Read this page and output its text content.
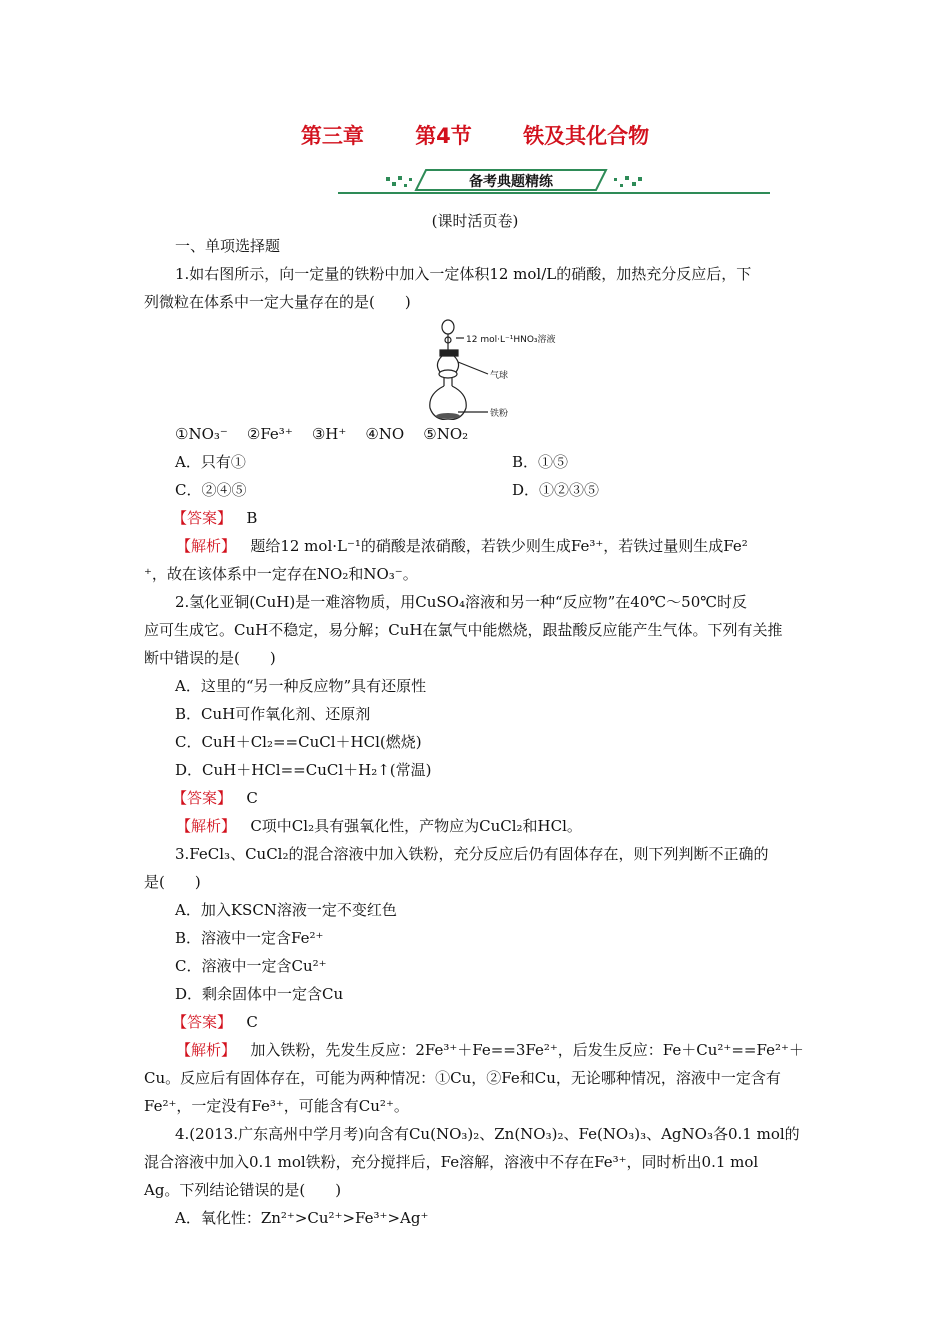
第三章 第4节 铁及其化合物
备考典题精练
(课时活页卷)
一、单项选择题
1.如右图所示，向一定量的铁粉中加入一定体积12 mol/L的硝酸，加热充分反应后，下
列微粒在体系中一定大量存在的是(　　)
12 mol·L⁻¹HNO₃溶液
气球
铁粉
①NO₃⁻ ②Fe³⁺ ③H⁺ ④NO ⑤NO₂
A．只有①	B．①⑤
C．②④⑤	D．①②③⑤
【答案】 B
【解析】 题给12 mol·L⁻¹的硝酸是浓硝酸，若铁少则生成Fe³⁺，若铁过量则生成Fe²
⁺，故在该体系中一定存在NO₂和NO₃⁻。
2.氢化亚铜(CuH)是一难溶物质，用CuSO₄溶液和另一种“反应物”在40℃～50℃时反
应可生成它。CuH不稳定，易分解；CuH在氯气中能燃烧，跟盐酸反应能产生气体。下列有关推
断中错误的是(　　)
A．这里的“另一种反应物”具有还原性
B．CuH可作氧化剂、还原剂
C．CuH＋Cl₂==CuCl＋HCl(燃烧)
D．CuH＋HCl==CuCl＋H₂↑(常温)
【答案】 C
【解析】 C项中Cl₂具有强氧化性，产物应为CuCl₂和HCl。
3.FeCl₃、CuCl₂的混合溶液中加入铁粉，充分反应后仍有固体存在，则下列判断不正确的
是(　　)
A．加入KSCN溶液一定不变红色
B．溶液中一定含Fe²⁺
C．溶液中一定含Cu²⁺
D．剩余固体中一定含Cu
【答案】 C
【解析】 加入铁粉，先发生反应：2Fe³⁺＋Fe==3Fe²⁺，后发生反应：Fe＋Cu²⁺==Fe²⁺＋
Cu。反应后有固体存在，可能为两种情况：①Cu，②Fe和Cu，无论哪种情况，溶液中一定含有
Fe²⁺，一定没有Fe³⁺，可能含有Cu²⁺。
4.(2013.广东高州中学月考)向含有Cu(NO₃)₂、Zn(NO₃)₂、Fe(NO₃)₃、AgNO₃各0.1 mol的
混合溶液中加入0.1 mol铁粉，充分搅拌后，Fe溶解，溶液中不存在Fe³⁺，同时析出0.1 mol
Ag。下列结论错误的是(　　)
A．氧化性：Zn²⁺>Cu²⁺>Fe³⁺>Ag⁺
